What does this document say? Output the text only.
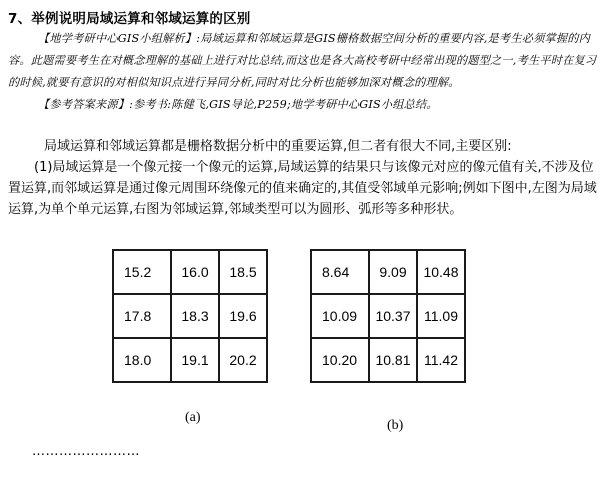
7、举例说明局域运算和邻域运算的区别
【地学考研中心GIS小组解析】:局域运算和邻域运算是GIS栅格数据空间分析的重要内容,是考生必须掌握的内容。此题需要考生在对概念理解的基础上进行对比总结,而这也是各大高校考研中经常出现的题型之一,考生平时在复习的时候,就要有意识的对相似知识点进行异同分析,同时对比分析也能够加深对概念的理解。
【参考答案来源】:参考书:陈健飞,GIS导论,P259;地学考研中心GIS小组总结。
局域运算和邻域运算都是栅格数据分析中的重要运算,但二者有很大不同,主要区别:
(1)局域运算是一个像元接一个像元的运算,局域运算的结果只与该像元对应的像元值有关,不涉及位置运算,而邻域运算是通过像元周围环绕像元的值来确定的,其值受邻域单元影响;例如下图中,左图为局域运算,为单个单元运算,右图为邻域运算,邻域类型可以为圆形、弧形等多种形状。
15.2	16.0	18.5
17.8	18.3	19.6
18.0	19.1	20.2
(a)
8.64	9.09	10.48
10.09	10.37	11.09
10.20	10.81	11.42
(b)
……………………
